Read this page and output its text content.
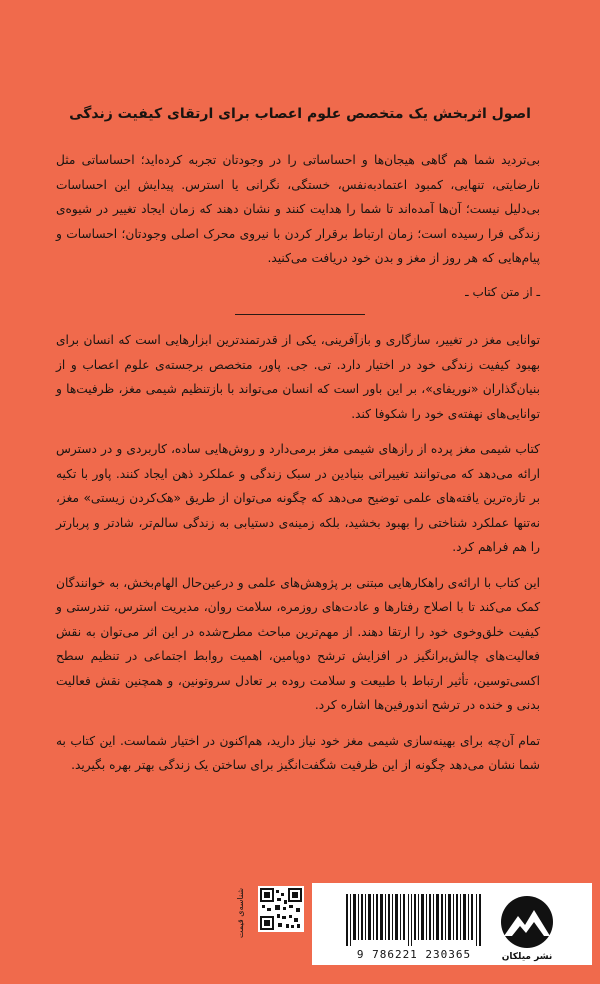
اصول اثربخش یک متخصص علوم اعصاب برای ارتقای کیفیت زندگی
بی‌تردید شما هم گاهی هیجان‌ها و احساساتی را در وجودتان تجربه کرده‌اید؛ احساساتی مثل نارضایتی، تنهایی، کمبود اعتمادبه‌نفس، خستگی، نگرانی یا استرس. پیدایش این احساسات بی‌دلیل نیست؛ آن‌ها آمده‌اند تا شما را هدایت کنند و نشان دهند که زمان ایجاد تغییر در شیوه‌ی زندگی فرا رسیده است؛ زمان ارتباط برقرار کردن با نیروی محرک اصلی وجودتان؛ احساسات و پیام‌هایی که هر روز از مغز و بدن خود دریافت می‌کنید.
ـ از متن کتاب ـ

توانایی مغز در تغییر، سازگاری و بازآفرینی، یکی از قدرتمندترین ابزارهایی است که انسان برای بهبود کیفیت زندگی خود در اختیار دارد. تی. جی. پاور، متخصص برجسته‌ی علوم اعصاب و از بنیان‌گذاران «نوریفای»، بر این باور است که انسان می‌تواند با بازتنظیم شیمی مغز، ظرفیت‌ها و توانایی‌های نهفته‌ی خود را شکوفا کند.

کتاب شیمی مغز پرده از رازهای شیمی مغز برمی‌دارد و روش‌هایی ساده، کاربردی و در دسترس ارائه می‌دهد که می‌توانند تغییراتی بنیادین در سبک زندگی و عملکرد ذهن ایجاد کنند. پاور با تکیه بر تازه‌ترین یافته‌های علمی توضیح می‌دهد که چگونه می‌توان از طریق «هک‌کردن زیستی» مغز، نه‌تنها عملکرد شناختی را بهبود بخشید، بلکه زمینه‌ی دستیابی به زندگی سالم‌تر، شادتر و پربارتر را هم فراهم کرد.

این کتاب با ارائه‌ی راهکارهایی مبتنی بر پژوهش‌های علمی و درعین‌حال الهام‌بخش، به خوانندگان کمک می‌کند تا با اصلاح رفتارها و عادت‌های روزمره، سلامت روان، مدیریت استرس، تندرستی و کیفیت خلق‌وخوی خود را ارتقا دهند. از مهم‌ترین مباحث مطرح‌شده در این اثر می‌توان به نقش فعالیت‌های چالش‌برانگیز در افزایش ترشح دوپامین، اهمیت روابط اجتماعی در تنظیم سطح اکسی‌توسین، تأثیر ارتباط با طبیعت و سلامت روده بر تعادل سروتونین، و همچنین نقش فعالیت بدنی و خنده در ترشح اندورفین‌ها اشاره کرد.

تمام آن‌چه برای بهینه‌سازی شیمی مغز خود نیاز دارید، هم‌اکنون در اختیار شماست. این کتاب به شما نشان می‌دهد چگونه از این ظرفیت شگفت‌انگیز برای ساختن یک زندگی بهتر بهره بگیرید.

شناسه‌ی قیمت
9 786221 230365	نشر میلکان
